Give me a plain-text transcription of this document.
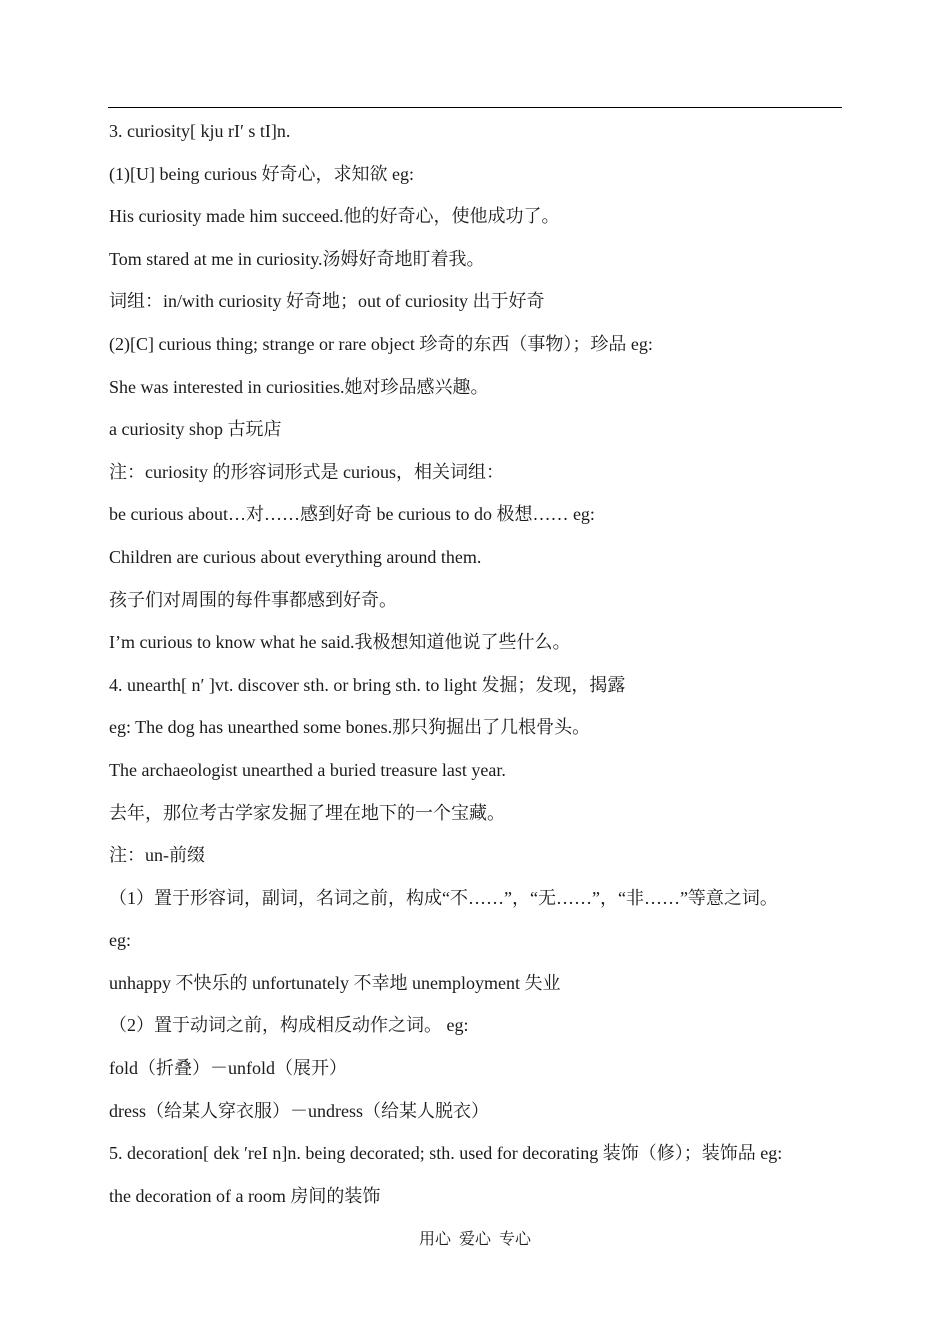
3. curiosity[ kju rI′ s tI]n.
(1)[U] being curious 好奇心，求知欲 eg:
His curiosity made him succeed.他的好奇心，使他成功了。
Tom stared at me in curiosity.汤姆好奇地盯着我。
词组：in/with curiosity 好奇地；out of curiosity 出于好奇
(2)[C] curious thing; strange or rare object 珍奇的东西（事物）；珍品 eg:
She was interested in curiosities.她对珍品感兴趣。
a curiosity shop 古玩店
注：curiosity 的形容词形式是 curious，相关词组：
be curious about…对……感到好奇 be curious to do 极想…… eg:
Children are curious about everything around them.
孩子们对周围的每件事都感到好奇。
I’m curious to know what he said.我极想知道他说了些什么。
4. unearth[ n′ ]vt. discover sth. or bring sth. to light 发掘；发现，揭露
eg: The dog has unearthed some bones.那只狗掘出了几根骨头。
The archaeologist unearthed a buried treasure last year.
去年，那位考古学家发掘了埋在地下的一个宝藏。
注：un-前缀
（1）置于形容词，副词，名词之前，构成“不……”，“无……”，“非……”等意之词。
eg:
unhappy 不快乐的 unfortunately 不幸地 unemployment 失业
（2）置于动词之前，构成相反动作之词。 eg:
fold（折叠）－unfold（展开）
dress（给某人穿衣服）－undress（给某人脱衣）
5. decoration[ dek ′reI n]n. being decorated; sth. used for decorating 装饰（修）；装饰品 eg:
the decoration of a room 房间的装饰
用心 爱心 专心
